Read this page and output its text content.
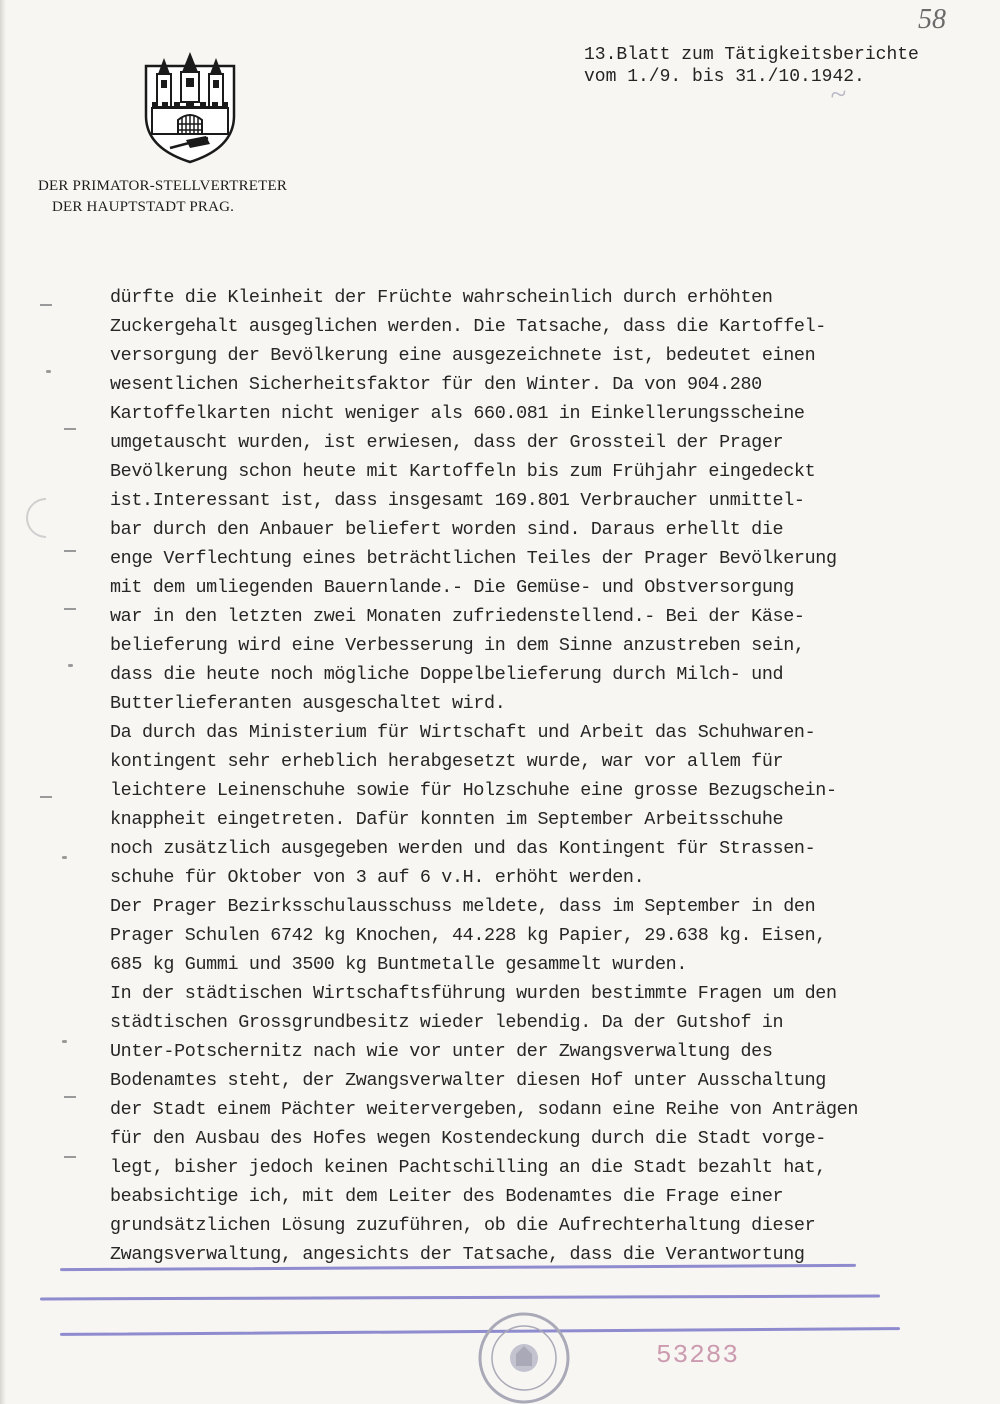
DER PRIMATOR-STELLVERTRETER
DER HAUPTSTADT PRAG.
58
~
13.Blatt zum Tätigkeitsberichte
vom 1./9. bis 31./10.1942.
dürfte die Kleinheit der Früchte wahrscheinlich durch erhöhten
Zuckergehalt ausgeglichen werden. Die Tatsache, dass die Kartoffel-
versorgung der Bevölkerung eine ausgezeichnete ist, bedeutet einen
wesentlichen Sicherheitsfaktor für den Winter. Da von 904.280
Kartoffelkarten nicht weniger als 660.081 in Einkellerungsscheine
umgetauscht wurden, ist erwiesen, dass der Grossteil der Prager
Bevölkerung schon heute mit Kartoffeln bis zum Frühjahr eingedeckt
ist.Interessant ist, dass insgesamt 169.801 Verbraucher unmittel-
bar durch den Anbauer beliefert worden sind. Daraus erhellt die
enge Verflechtung eines beträchtlichen Teiles der Prager Bevölkerung
mit dem umliegenden Bauernlande.- Die Gemüse- und Obstversorgung
war in den letzten zwei Monaten zufriedenstellend.- Bei der Käse-
belieferung wird eine Verbesserung in dem Sinne anzustreben sein,
dass die heute noch mögliche Doppelbelieferung durch Milch- und
Butterlieferanten ausgeschaltet wird.
Da durch das Ministerium für Wirtschaft und Arbeit das Schuhwaren-
kontingent sehr erheblich herabgesetzt wurde, war vor allem für
leichtere Leinenschuhe sowie für Holzschuhe eine grosse Bezugschein-
knappheit eingetreten. Dafür konnten im September Arbeitsschuhe
noch zusätzlich ausgegeben werden und das Kontingent für Strassen-
schuhe für Oktober von 3 auf 6 v.H. erhöht werden.
Der Prager Bezirksschulausschuss meldete, dass im September in den
Prager Schulen 6742 kg Knochen, 44.228 kg Papier, 29.638 kg. Eisen,
685 kg Gummi und 3500 kg Buntmetalle gesammelt wurden.
In der städtischen Wirtschaftsführung wurden bestimmte Fragen um den
städtischen Grossgrundbesitz wieder lebendig. Da der Gutshof in
Unter-Potschernitz nach wie vor unter der Zwangsverwaltung des
Bodenamtes steht, der Zwangsverwalter diesen Hof unter Ausschaltung
der Stadt einem Pächter weitervergeben, sodann eine Reihe von Anträgen
für den Ausbau des Hofes wegen Kostendeckung durch die Stadt vorge-
legt, bisher jedoch keinen Pachtschilling an die Stadt bezahlt hat,
beabsichtige ich, mit dem Leiter des Bodenamtes die Frage einer
grundsätzlichen Lösung zuzuführen, ob die Aufrechterhaltung dieser
Zwangsverwaltung, angesichts der Tatsache, dass die Verantwortung
53283
